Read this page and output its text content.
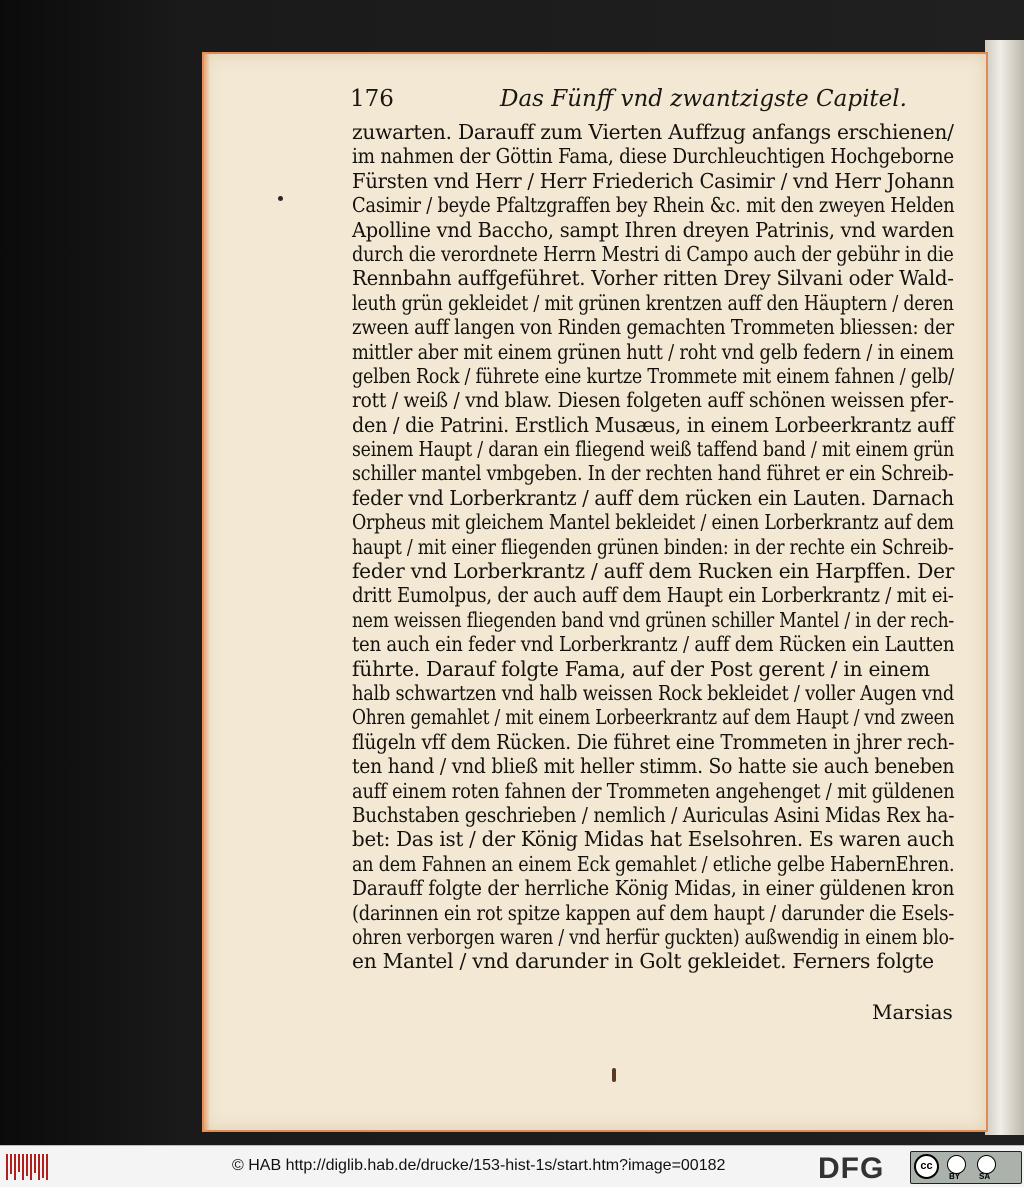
176	Das Fünff vnd zwantzigste Capitel.
zuwarten. Darauff zum Vierten Auffzug anfangs erschienen/
im nahmen der Göttin Fama, diese Durchleuchtigen Hochgeborne
Fürsten vnd Herr / Herr Friederich Casimir / vnd Herr Johann
Casimir / beyde Pfaltzgraffen bey Rhein &c. mit den zweyen Helden
Apolline vnd Baccho, sampt Ihren dreyen Patrinis, vnd warden
durch die verordnete Herrn Mestri di Campo auch der gebühr in die
Rennbahn auffgeführet. Vorher ritten Drey Silvani oder Wald-
leuth grün gekleidet / mit grünen krentzen auff den Häuptern / deren
zween auff langen von Rinden gemachten Trommeten bliessen: der
mittler aber mit einem grünen hutt / roht vnd gelb federn / in einem
gelben Rock / führete eine kurtze Trommete mit einem fahnen / gelb/
rott / weiß / vnd blaw. Diesen folgeten auff schönen weissen pfer-
den / die Patrini. Erstlich Musæus, in einem Lorbeerkrantz auff
seinem Haupt / daran ein fliegend weiß taffend band / mit einem grün
schiller mantel vmbgeben. In der rechten hand führet er ein Schreib-
feder vnd Lorberkrantz / auff dem rücken ein Lauten. Darnach
Orpheus mit gleichem Mantel bekleidet / einen Lorberkrantz auf dem
haupt / mit einer fliegenden grünen binden: in der rechte ein Schreib-
feder vnd Lorberkrantz / auff dem Rucken ein Harpffen. Der
dritt Eumolpus, der auch auff dem Haupt ein Lorberkrantz / mit ei-
nem weissen fliegenden band vnd grünen schiller Mantel / in der rech-
ten auch ein feder vnd Lorberkrantz / auff dem Rücken ein Lautten
führte. Darauf folgte Fama, auf der Post gerent / in einem
halb schwartzen vnd halb weissen Rock bekleidet / voller Augen vnd
Ohren gemahlet / mit einem Lorbeerkrantz auf dem Haupt / vnd zween
flügeln vff dem Rücken. Die führet eine Trommeten in jhrer rech-
ten hand / vnd bließ mit heller stimm. So hatte sie auch beneben
auff einem roten fahnen der Trommeten angehenget / mit güldenen
Buchstaben geschrieben / nemlich / Auriculas Asini Midas Rex ha-
bet: Das ist / der König Midas hat Eselsohren. Es waren auch
an dem Fahnen an einem Eck gemahlet / etliche gelbe HabernEhren.
Darauff folgte der herrliche König Midas, in einer güldenen kron
(darinnen ein rot spitze kappen auf dem haupt / darunder die Esels-
ohren verborgen waren / vnd herfür guckten) außwendig in einem blo-
en Mantel / vnd darunder in Golt gekleidet. Ferners folgte
Marsias
© HAB http://diglib.hab.de/drucke/153-hist-1s/start.htm?image=00182	DFG	cc
BY SA
